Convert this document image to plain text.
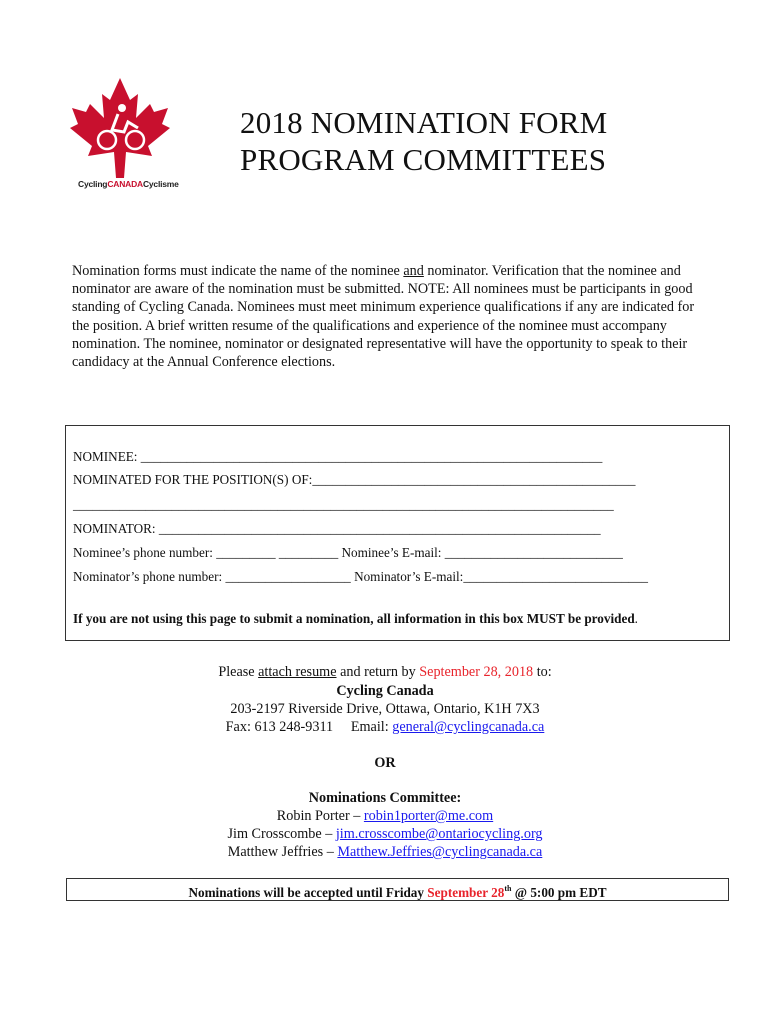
CyclingCANADACyclisme
2018 NOMINATION FORM
PROGRAM COMMITTEES
Nomination forms must indicate the name of the nominee and nominator. Verification that the nominee and nominator are aware of the nomination must be submitted. NOTE: All nominees must be participants in good standing of Cycling Canada. Nominees must meet minimum experience qualifications if any are indicated for the position. A brief written resume of the qualifications and experience of the nominee must accompany nomination. The nominee, nominator or designated representative will have the opportunity to speak to their candidacy at the Annual Conference elections.
NOMINEE: ______________________________________________________________________
NOMINATED FOR THE POSITION(S) OF:_________________________________________________
__________________________________________________________________________________
NOMINATOR: ___________________________________________________________________
Nominee’s phone number: _________ _________ Nominee’s E-mail: ___________________________
Nominator’s phone number: ___________________ Nominator’s E-mail:____________________________
If you are not using this page to submit a nomination, all information in this box MUST be provided.
Please attach resume and return by September 28, 2018 to:
Cycling Canada
203-2197 Riverside Drive, Ottawa, Ontario, K1H 7X3
Fax: 613 248-9311 Email: general@cyclingcanada.ca
OR
Nominations Committee:
Robin Porter – robin1porter@me.com
Jim Crosscombe – jim.crosscombe@ontariocycling.org
Matthew Jeffries – Matthew.Jeffries@cyclingcanada.ca
Nominations will be accepted until Friday September 28th @ 5:00 pm EDT
